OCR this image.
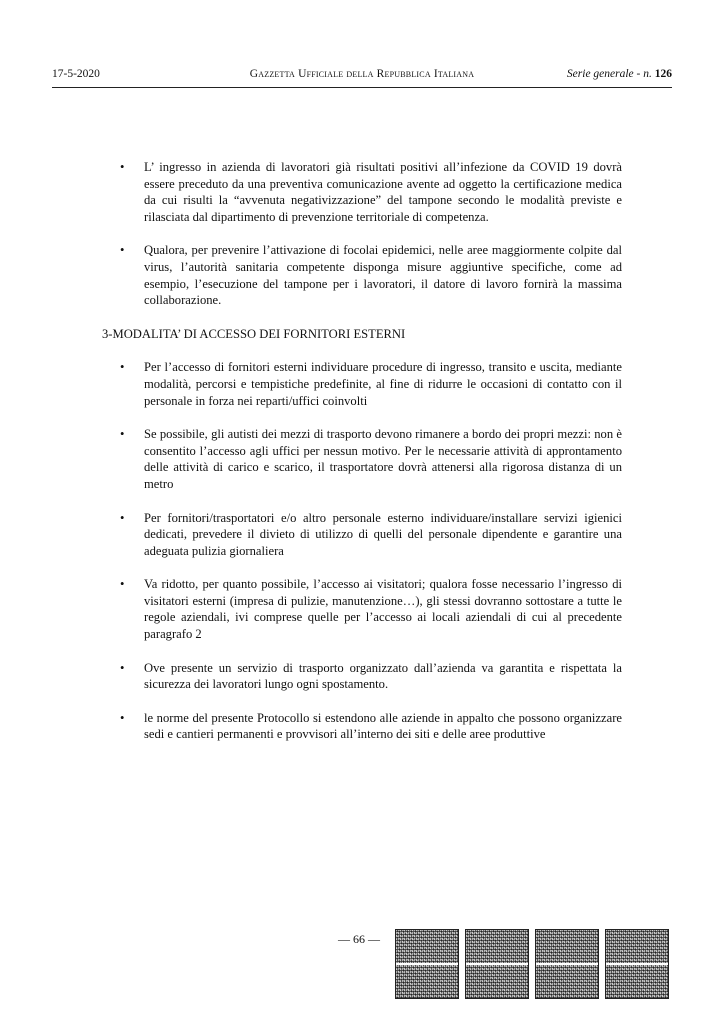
17-5-2020	Gazzetta Ufficiale della Repubblica Italiana	Serie generale - n. 126
• L’ ingresso in azienda di lavoratori già risultati positivi all’infezione da COVID 19 dovrà essere preceduto da una preventiva comunicazione avente ad oggetto la certificazione medica da cui risulti la “avvenuta negativizzazione” del tampone secondo le modalità previste e rilasciata dal dipartimento di prevenzione territoriale di competenza.
• Qualora, per prevenire l’attivazione di focolai epidemici, nelle aree maggiormente colpite dal virus, l’autorità sanitaria competente disponga misure aggiuntive specifiche, come ad esempio, l’esecuzione del tampone per i lavoratori, il datore di lavoro fornirà la massima collaborazione.
3-MODALITA’ DI ACCESSO DEI FORNITORI ESTERNI
• Per l’accesso di fornitori esterni individuare procedure di ingresso, transito e uscita, mediante modalità, percorsi e tempistiche predefinite, al fine di ridurre le occasioni di contatto con il personale in forza nei reparti/uffici coinvolti
• Se possibile, gli autisti dei mezzi di trasporto devono rimanere a bordo dei propri mezzi: non è consentito l’accesso agli uffici per nessun motivo. Per le necessarie attività di approntamento delle attività di carico e scarico, il trasportatore dovrà attenersi alla rigorosa distanza di un metro
• Per fornitori/trasportatori e/o altro personale esterno individuare/installare servizi igienici dedicati, prevedere il divieto di utilizzo di quelli del personale dipendente e garantire una adeguata pulizia giornaliera
• Va ridotto, per quanto possibile, l’accesso ai visitatori; qualora fosse necessario l’ingresso di visitatori esterni (impresa di pulizie, manutenzione…), gli stessi dovranno sottostare a tutte le regole aziendali, ivi comprese quelle per l’accesso ai locali aziendali di cui al precedente paragrafo 2
• Ove presente un servizio di trasporto organizzato dall’azienda va garantita e rispettata la sicurezza dei lavoratori lungo ogni spostamento.
• le norme del presente Protocollo si estendono alle aziende in appalto che possono organizzare sedi e cantieri permanenti e provvisori all’interno dei siti e delle aree produttive
— 66 —
